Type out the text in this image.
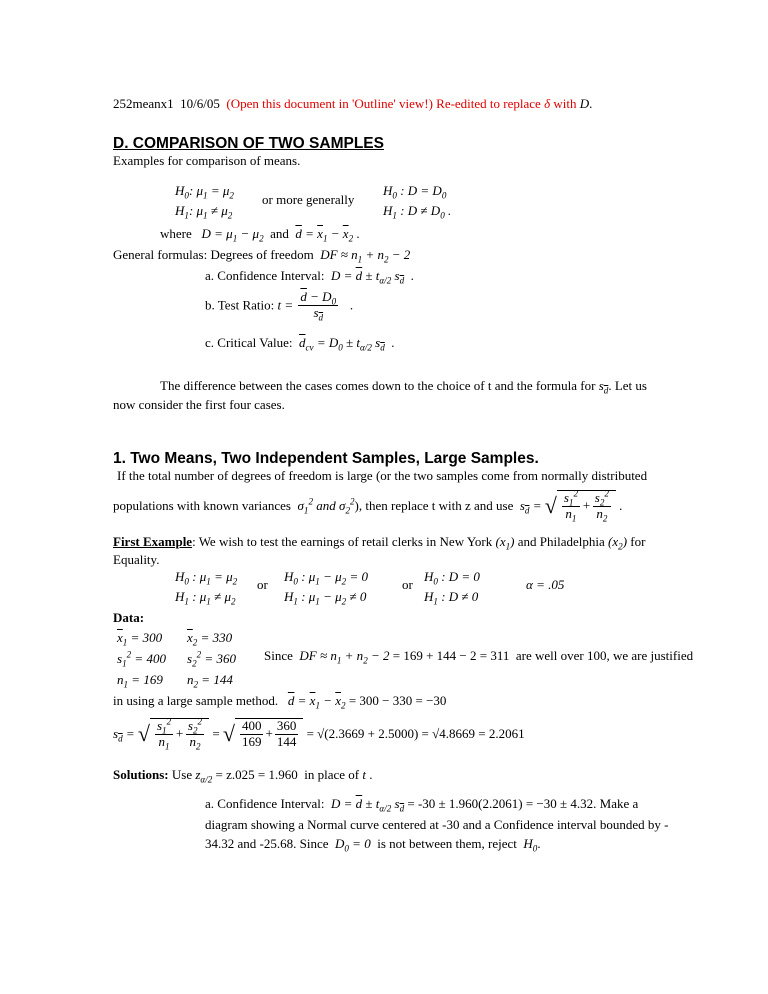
252meanx1 10/6/05 (Open this document in 'Outline' view!) Re-edited to replace δ with D.
D. COMPARISON OF TWO SAMPLES
Examples for comparison of means.
$H_0$: $\mu_1 = \mu_2$
$H_1$: $\mu_1 \ne \mu_2$
or more generally
$H_0$ : $D = D_0$
$H_1$ : $D \ne D_0$ .
where $D = \mu_1 - \mu_2$ and $\overline{d} = \overline{x}_1 - \overline{x}_2$ .
General formulas: Degrees of freedom DF ≈ $n_1 + n_2 - 2$
a. Confidence Interval: $D = \overline{d} \pm t_{\alpha/2}$ $s_{\overline{d}}$  .
b. Test Ratio: $t = \frac{\overline{d} - D_0}{s_{\overline{d}}}$ .
c. Critical Value: $\overline{d}_{cv} = D_0 \pm t_{\alpha/2}$ $s_{\overline{d}}$  .
The difference between the cases comes down to the choice of t and the formula for $s_{\overline{d}}$. Let us
now consider the first four cases.
1. Two Means, Two Independent Samples, Large Samples.
If the total number of degrees of freedom is large (or the two samples come from normally distributed
populations with known variances $\sigma_1^2$ and $\sigma_2^2$), then replace t with z and use $s_{\overline{d}}$ = √ $\frac{s_1^2}{n_1} + \frac{s_2^2}{n_2}$ .
First Example: We wish to test the earnings of retail clerks in New York $(x_1)$ and Philadelphia $(x_2)$ for
Equality.
$H_0$ : $\mu_1 = \mu_2$
$H_1$ : $\mu_1 \ne \mu_2$
or
$H_0$ : $\mu_1 - \mu_2 = 0$
$H_1$ : $\mu_1 - \mu_2 \ne 0$
or
$H_0$ : D = 0
$H_1$ : D ≠ 0
α = .05
Data:
$\overline{x}_1 = 300$
$s_1^2 = 400$
$n_1 = 169$
$\overline{x}_2 = 330$
$s_2^2 = 360$
$n_2 = 144$
Since DF ≈ $n_1 + n_2 - 2 = 169 + 144 - 2 = 311$ are well over 100, we are justified
in using a large sample method. $\overline{d} = \overline{x}_1 - \overline{x}_2 = 300 - 330 = -30$
$s_{\overline{d}}$ = √ $\frac{s_1^2}{n_1} + \frac{s_2^2}{n_2}$ = √ $\frac{400}{169} + \frac{360}{144} = √(2.3669 + 2.5000) = √4.8669 = 2.2061$
Solutions: Use $z_{\alpha/2} = z.025 = 1.960$ in place of t .
a. Confidence Interval: $D = \overline{d} \pm t_{\alpha/2}$ $s_{\overline{d}} = -30 \pm 1.960(2.2061) = -30 \pm 4.32$. Make a
diagram showing a Normal curve centered at -30 and a Confidence interval bounded by -
34.32 and -25.68. Since $D_0 = 0$ is not between them, reject $H_0$.
